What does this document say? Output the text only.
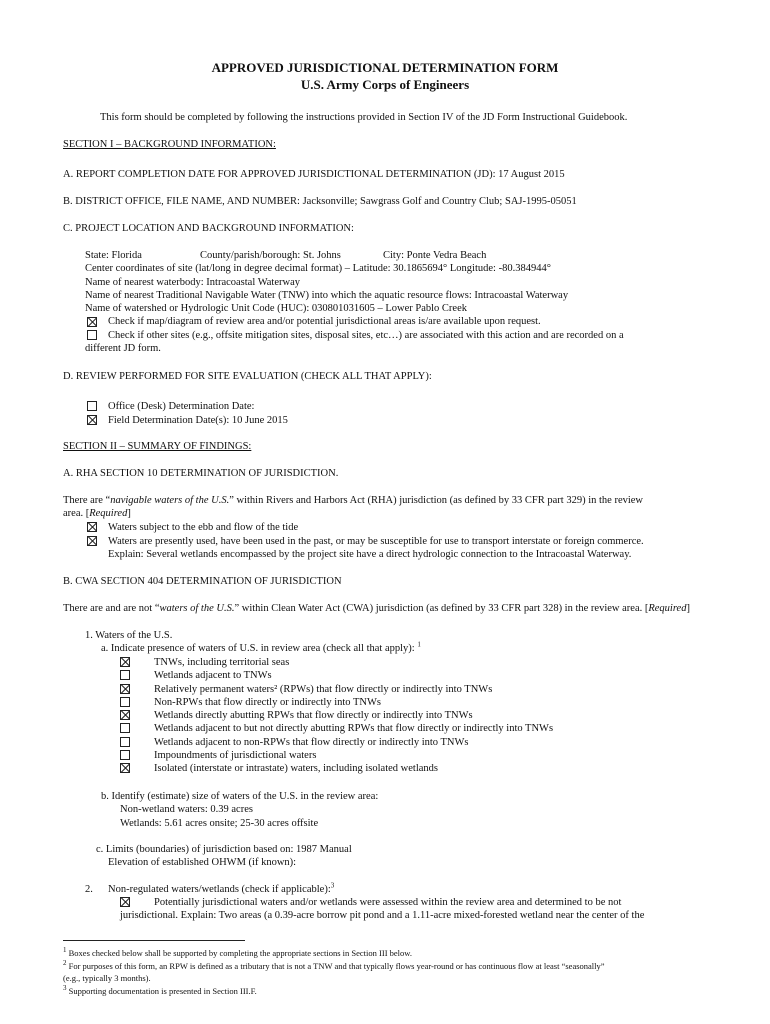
APPROVED JURISDICTIONAL DETERMINATION FORM
U.S. Army Corps of Engineers
This form should be completed by following the instructions provided in Section IV of the JD Form Instructional Guidebook.
SECTION I – BACKGROUND INFORMATION:
A. REPORT COMPLETION DATE FOR APPROVED JURISDICTIONAL DETERMINATION (JD): 17 August 2015
B. DISTRICT OFFICE, FILE NAME, AND NUMBER: Jacksonville; Sawgrass Golf and Country Club; SAJ-1995-05051
C. PROJECT LOCATION AND BACKGROUND INFORMATION:
State: Florida	County/parish/borough: St. Johns	City: Ponte Vedra Beach
Center coordinates of site (lat/long in degree decimal format) – Latitude: 30.1865694° Longitude: -80.384944°
Name of nearest waterbody: Intracoastal Waterway
Name of nearest Traditional Navigable Water (TNW) into which the aquatic resource flows: Intracoastal Waterway
Name of watershed or Hydrologic Unit Code (HUC): 030801031605 – Lower Pablo Creek
Check if map/diagram of review area and/or potential jurisdictional areas is/are available upon request.
Check if other sites (e.g., offsite mitigation sites, disposal sites, etc…) are associated with this action and are recorded on a
different JD form.
D. REVIEW PERFORMED FOR SITE EVALUATION (CHECK ALL THAT APPLY):
Office (Desk) Determination Date:
Field Determination Date(s): 10 June 2015
SECTION II – SUMMARY OF FINDINGS:
A. RHA SECTION 10 DETERMINATION OF JURISDICTION.
There are “navigable waters of the U.S.” within Rivers and Harbors Act (RHA) jurisdiction (as defined by 33 CFR part 329) in the review
area. [Required]
Waters subject to the ebb and flow of the tide
Waters are presently used, have been used in the past, or may be susceptible for use to transport interstate or foreign commerce.
Explain: Several wetlands encompassed by the project site have a direct hydrologic connection to the Intracoastal Waterway.
B. CWA SECTION 404 DETERMINATION OF JURISDICTION
There are and are not “waters of the U.S.” within Clean Water Act (CWA) jurisdiction (as defined by 33 CFR part 328) in the review area. [Required]
1. Waters of the U.S.
a. Indicate presence of waters of U.S. in review area (check all that apply): $^1$
TNWs, including territorial seas
Wetlands adjacent to TNWs
Relatively permanent waters² (RPWs) that flow directly or indirectly into TNWs
Non-RPWs that flow directly or indirectly into TNWs
Wetlands directly abutting RPWs that flow directly or indirectly into TNWs
Wetlands adjacent to but not directly abutting RPWs that flow directly or indirectly into TNWs
Wetlands adjacent to non-RPWs that flow directly or indirectly into TNWs
Impoundments of jurisdictional waters
Isolated (interstate or intrastate) waters, including isolated wetlands
b. Identify (estimate) size of waters of the U.S. in the review area:
Non-wetland waters: 0.39 acres
Wetlands: 5.61 acres onsite; 25-30 acres offsite
c. Limits (boundaries) of jurisdiction based on: 1987 Manual
Elevation of established OHWM (if known):
2. Non-regulated waters/wetlands (check if applicable):$^3$
Potentially jurisdictional waters and/or wetlands were assessed within the review area and determined to be not
jurisdictional. Explain: Two areas (a 0.39-acre borrow pit pond and a 1.11-acre mixed-forested wetland near the center of the
$^1$ Boxes checked below shall be supported by completing the appropriate sections in Section III below.
$^2$ For purposes of this form, an RPW is defined as a tributary that is not a TNW and that typically flows year-round or has continuous flow at least “seasonally”
(e.g., typically 3 months).
$^3$ Supporting documentation is presented in Section III.F.
